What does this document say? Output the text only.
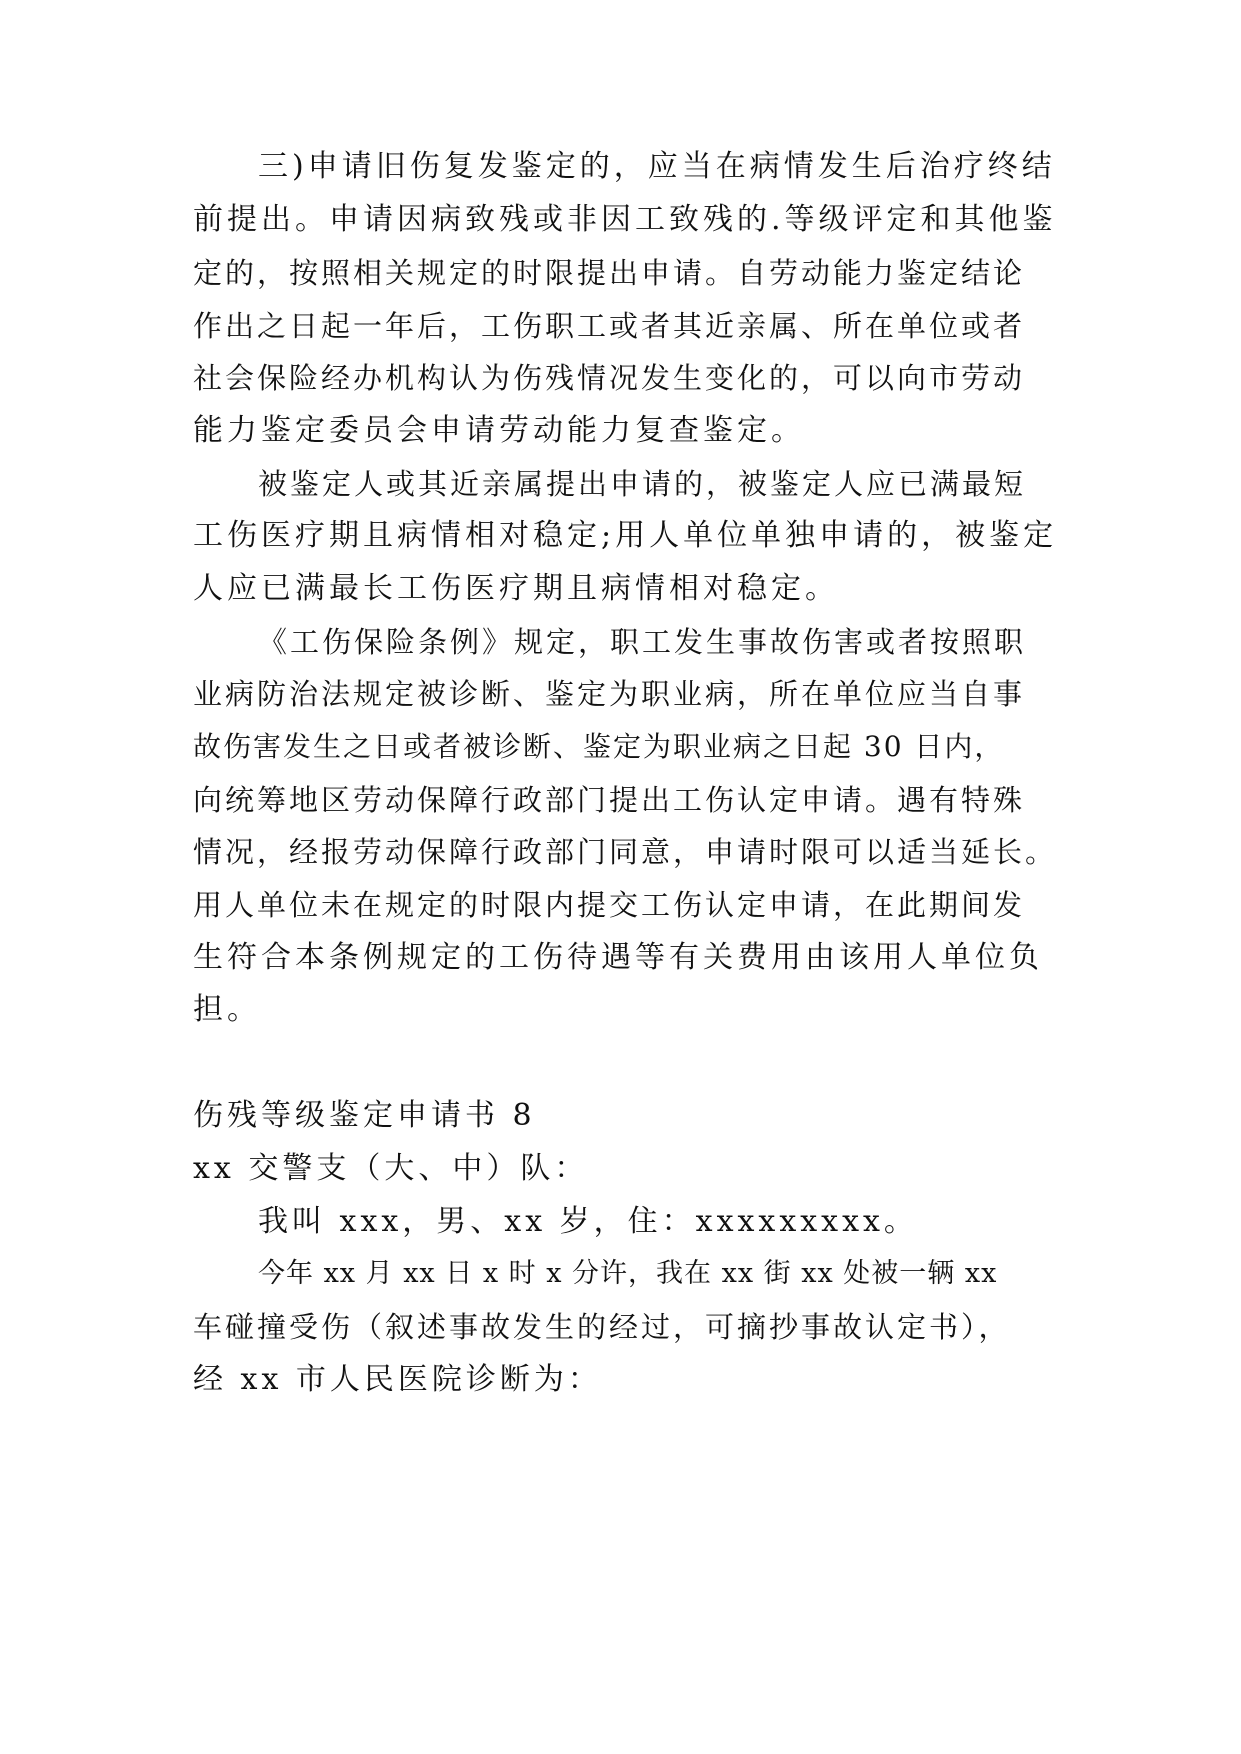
三)申请旧伤复发鉴定的，应当在病情发生后治疗终结
前提出。申请因病致残或非因工致残的.等级评定和其他鉴
定的，按照相关规定的时限提出申请。自劳动能力鉴定结论
作出之日起一年后，工伤职工或者其近亲属、所在单位或者
社会保险经办机构认为伤残情况发生变化的，可以向市劳动
能力鉴定委员会申请劳动能力复查鉴定。
被鉴定人或其近亲属提出申请的，被鉴定人应已满最短
工伤医疗期且病情相对稳定;用人单位单独申请的，被鉴定
人应已满最长工伤医疗期且病情相对稳定。
《工伤保险条例》规定，职工发生事故伤害或者按照职
业病防治法规定被诊断、鉴定为职业病，所在单位应当自事
故伤害发生之日或者被诊断、鉴定为职业病之日起 30 日内，
向统筹地区劳动保障行政部门提出工伤认定申请。遇有特殊
情况，经报劳动保障行政部门同意，申请时限可以适当延长。
用人单位未在规定的时限内提交工伤认定申请，在此期间发
生符合本条例规定的工伤待遇等有关费用由该用人单位负
担。
伤残等级鉴定申请书 8
xx 交警支（大、中）队：
我叫 xxx，男、xx 岁，住：xxxxxxxxx。
今年 xx 月 xx 日 x 时 x 分许，我在 xx 街 xx 处被一辆 xx
车碰撞受伤（叙述事故发生的经过，可摘抄事故认定书），
经 xx 市人民医院诊断为：
